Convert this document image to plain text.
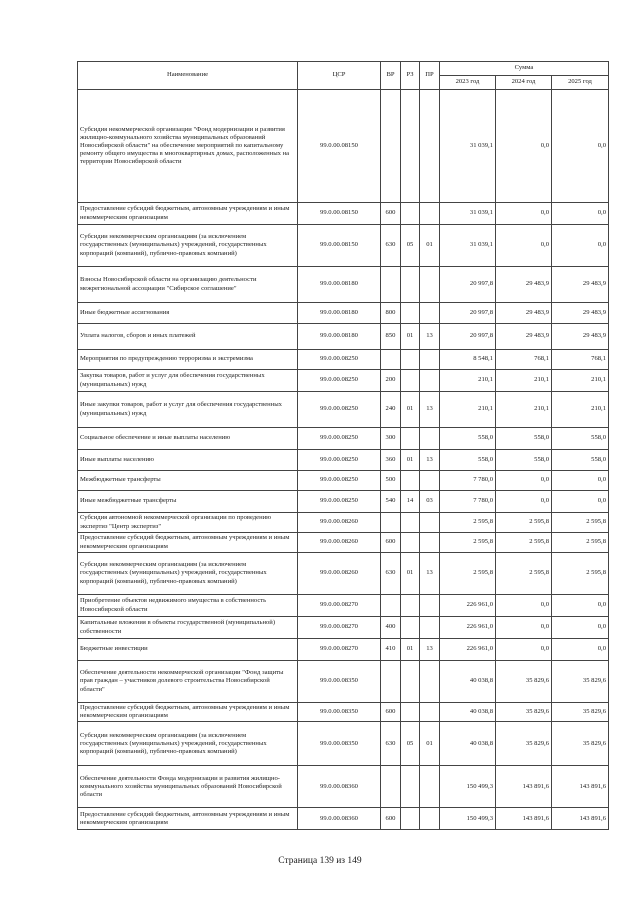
Наименование	ЦСР	ВР	РЗ	ПР	Сумма		
					2023 год	2024 год	2025 год
Субсидия некоммерческой организации "Фонд модернизации и развития жилищно-коммунального хозяйства муниципальных образований Новосибирской области" на обеспечение мероприятий по капитальному ремонту общего имущества в многоквартирных домах, расположенных на территории Новосибирской области	99.0.00.08150				31 039,1	0,0	0,0
Предоставление субсидий бюджетным, автономным учреждениям и иным некоммерческим организациям	99.0.00.08150	600			31 039,1	0,0	0,0
Субсидии некоммерческим организациям (за исключением государственных (муниципальных) учреждений, государственных корпораций (компаний), публично-правовых компаний)	99.0.00.08150	630	05	01	31 039,1	0,0	0,0
Взносы Новосибирской области на организацию деятельности межрегиональной ассоциации "Сибирское соглашение"	99.0.00.08180				20 997,8	29 483,9	29 483,9
Иные бюджетные ассигнования	99.0.00.08180	800			20 997,8	29 483,9	29 483,9
Уплата налогов, сборов и иных платежей	99.0.00.08180	850	01	13	20 997,8	29 483,9	29 483,9
Мероприятия по предупреждению терроризма и экстремизма	99.0.00.08250				8 548,1	768,1	768,1
Закупка товаров, работ и услуг для обеспечения государственных (муниципальных) нужд	99.0.00.08250	200			210,1	210,1	210,1
Иные закупки товаров, работ и услуг для обеспечения государственных (муниципальных) нужд	99.0.00.08250	240	01	13	210,1	210,1	210,1
Социальное обеспечение и иные выплаты населению	99.0.00.08250	300			558,0	558,0	558,0
Иные выплаты населению	99.0.00.08250	360	01	13	558,0	558,0	558,0
Межбюджетные трансферты	99.0.00.08250	500			7 780,0	0,0	0,0
Иные межбюджетные трансферты	99.0.00.08250	540	14	03	7 780,0	0,0	0,0
Субсидия автономной некоммерческой организации по проведению экспертиз "Центр экспертиз"	99.0.00.08260				2 595,8	2 595,8	2 595,8
Предоставление субсидий бюджетным, автономным учреждениям и иным некоммерческим организациям	99.0.00.08260	600			2 595,8	2 595,8	2 595,8
Субсидии некоммерческим организациям (за исключением государственных (муниципальных) учреждений, государственных корпораций (компаний), публично-правовых компаний)	99.0.00.08260	630	01	13	2 595,8	2 595,8	2 595,8
Приобретение объектов недвижимого имущества в собственность Новосибирской области	99.0.00.08270				226 961,0	0,0	0,0
Капитальные вложения в объекты государственной (муниципальной) собственности	99.0.00.08270	400			226 961,0	0,0	0,0
Бюджетные инвестиции	99.0.00.08270	410	01	13	226 961,0	0,0	0,0
Обеспечение деятельности некоммерческой организации "Фонд защиты прав граждан – участников долевого строительства Новосибирской области"	99.0.00.08350				40 038,8	35 829,6	35 829,6
Предоставление субсидий бюджетным, автономным учреждениям и иным некоммерческим организациям	99.0.00.08350	600			40 038,8	35 829,6	35 829,6
Субсидии некоммерческим организациям (за исключением государственных (муниципальных) учреждений, государственных корпораций (компаний), публично-правовых компаний)	99.0.00.08350	630	05	01	40 038,8	35 829,6	35 829,6
Обеспечение деятельности Фонда модернизации и развития жилищно-коммунального хозяйства муниципальных образований Новосибирской области	99.0.00.08360				150 499,3	143 891,6	143 891,6
Предоставление субсидий бюджетным, автономным учреждениям и иным некоммерческим организациям	99.0.00.08360	600			150 499,3	143 891,6	143 891,6
Страница 139 из 149
